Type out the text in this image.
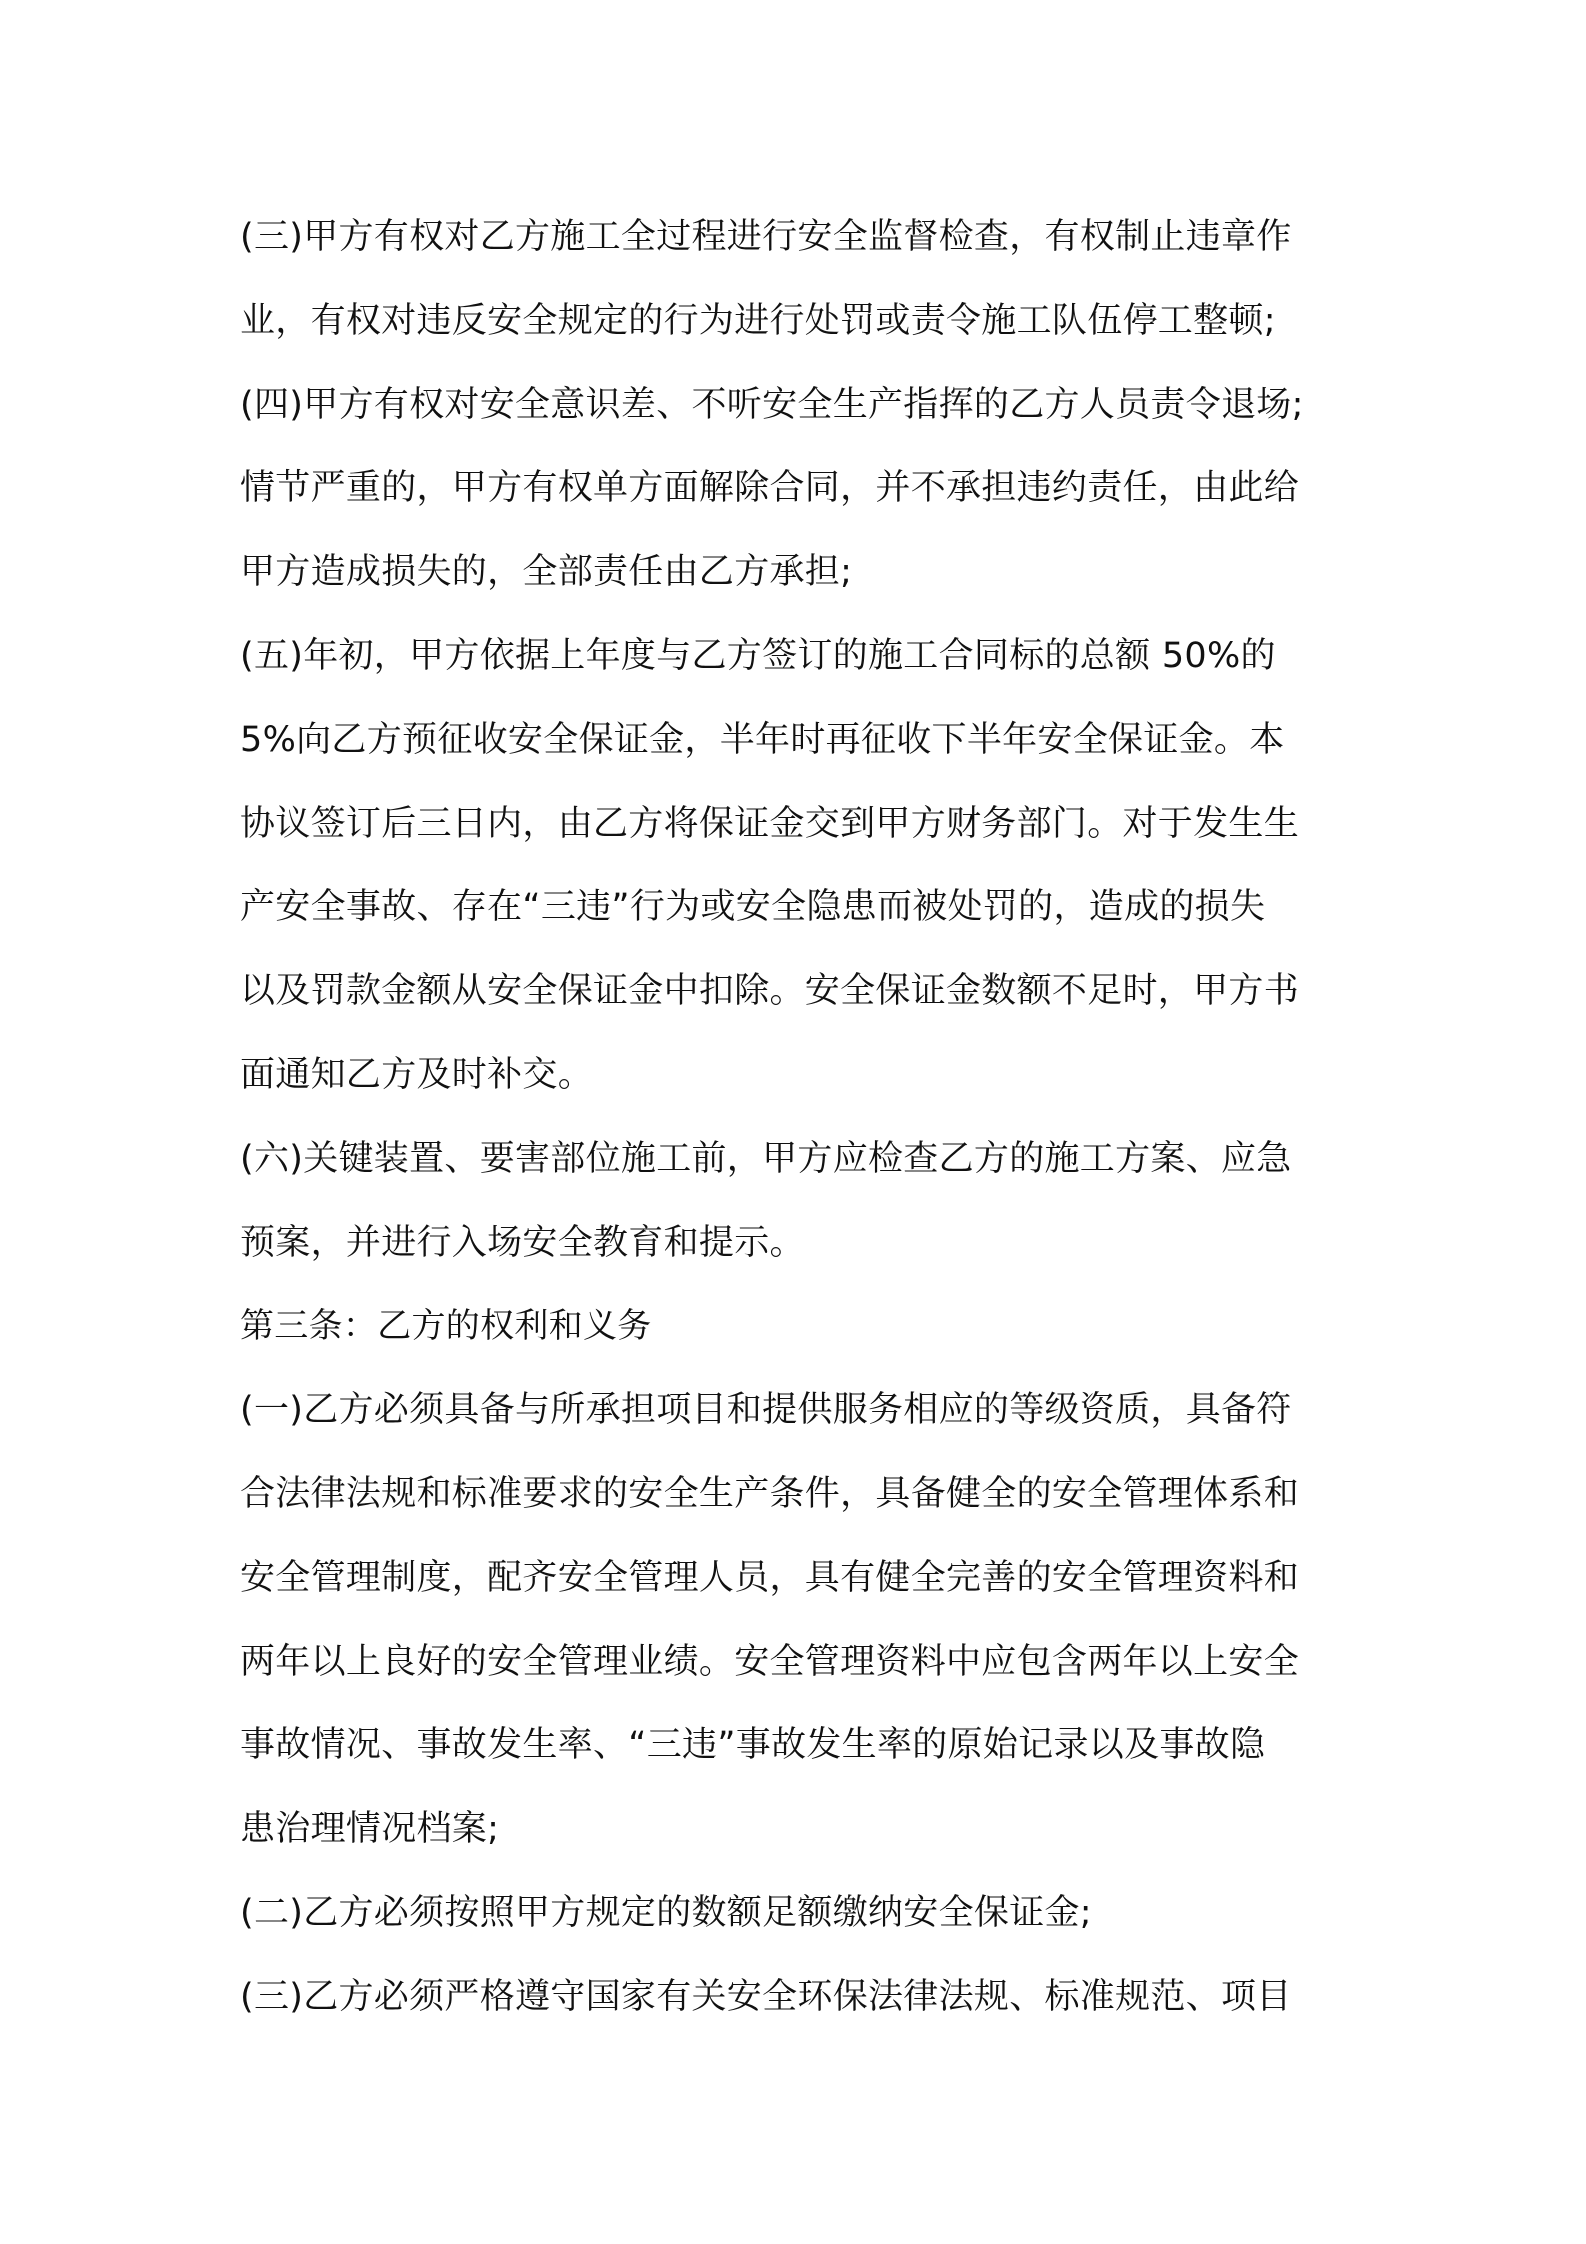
(三)甲方有权对乙方施工全过程进行安全监督检查，有权制止违章作
业，有权对违反安全规定的行为进行处罚或责令施工队伍停工整顿;
(四)甲方有权对安全意识差、不听安全生产指挥的乙方人员责令退场;
情节严重的，甲方有权单方面解除合同，并不承担违约责任，由此给
甲方造成损失的，全部责任由乙方承担;
(五)年初，甲方依据上年度与乙方签订的施工合同标的总额 50%的
5%向乙方预征收安全保证金，半年时再征收下半年安全保证金。本
协议签订后三日内，由乙方将保证金交到甲方财务部门。对于发生生
产安全事故、存在“三违”行为或安全隐患而被处罚的，造成的损失
以及罚款金额从安全保证金中扣除。安全保证金数额不足时，甲方书
面通知乙方及时补交。
(六)关键装置、要害部位施工前，甲方应检查乙方的施工方案、应急
预案，并进行入场安全教育和提示。
第三条：乙方的权利和义务
(一)乙方必须具备与所承担项目和提供服务相应的等级资质，具备符
合法律法规和标准要求的安全生产条件，具备健全的安全管理体系和
安全管理制度，配齐安全管理人员，具有健全完善的安全管理资料和
两年以上良好的安全管理业绩。安全管理资料中应包含两年以上安全
事故情况、事故发生率、“三违”事故发生率的原始记录以及事故隐
患治理情况档案;
(二)乙方必须按照甲方规定的数额足额缴纳安全保证金;
(三)乙方必须严格遵守国家有关安全环保法律法规、标准规范、项目
